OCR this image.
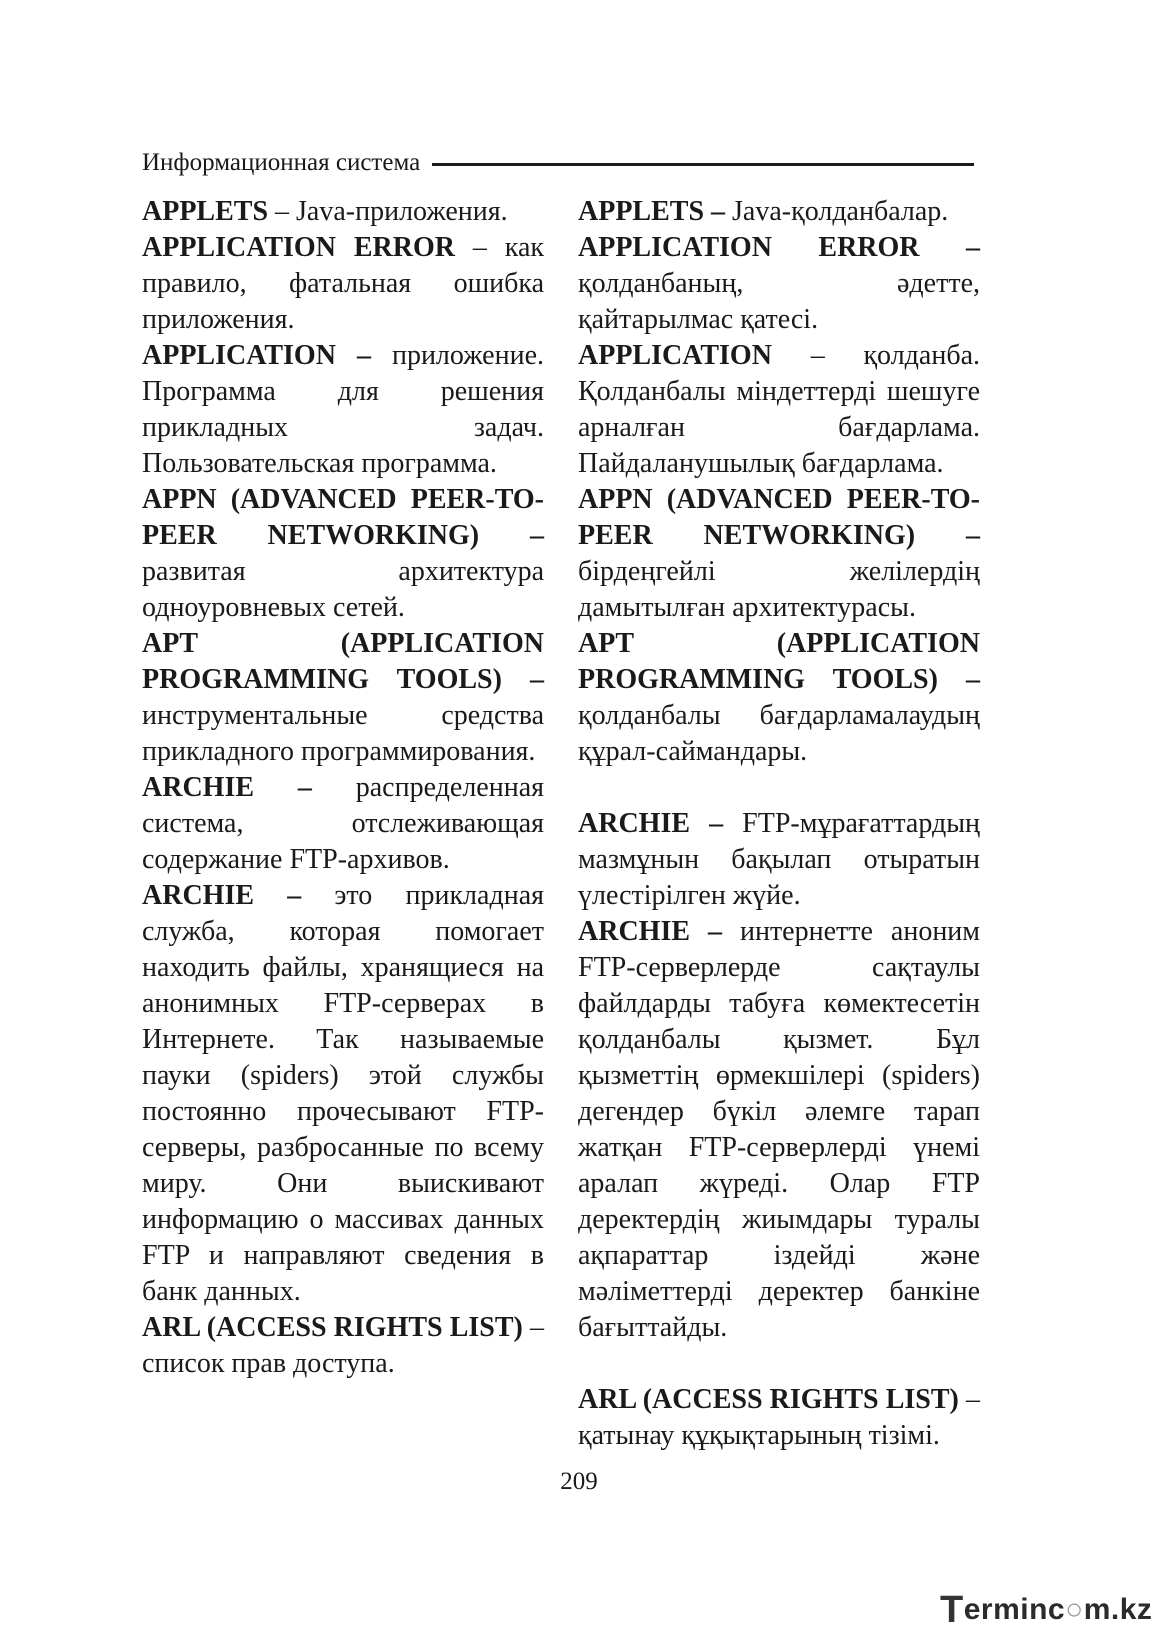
Информационная система

APPLETS – Java-приложения.

APPLICATION ERROR – как правило, фатальная ошибка приложения.

APPLICATION – приложение. Программа для решения прикладных задач. Пользовательская программа.

APPN (ADVANCED PEER-TO-PEER NETWORKING) – развитая архитектура одноуровневых сетей.

APT (APPLICATION PROGRAMMING TOOLS) – инструментальные средства прикладного программирования.

ARCHIE – распределенная система, отслеживающая содержание FTP-архивов.

ARCHIE – это прикладная служба, которая помогает находить файлы, хранящиеся на анонимных FTP-серверах в Интернете. Так называемые пауки (spiders) этой службы постоянно прочесывают FTP-серверы, разбросанные по всему миру. Они выискивают информацию о массивах данных FTP и направляют сведения в банк данных.

ARL (ACCESS RIGHTS LIST) – список прав доступа.

APPLETS – Java-қолданбалар.

APPLICATION ERROR – қолданбаның, әдетте, қайтарылмас қатесі.

APPLICATION – қолданба. Қолданбалы міндеттерді шешуге арналған бағдарлама. Пайдаланушылық бағдарлама.

APPN (ADVANCED PEER-TO-PEER NETWORKING) – бірдеңгейлі желілердің дамытылған архитектурасы.

APT (APPLICATION PROGRAMMING TOOLS) – қолданбалы бағдарламалаудың құрал-саймандары.

ARCHIE – FTP-мұрағаттардың мазмұнын бақылап отыратын үлестірілген жүйе.

ARCHIE – интернетте аноним FTP-серверлерде сақтаулы файлдарды табуға көмектесетін қолданбалы қызмет. Бұл қызметтің өрмекшілері (spiders) дегендер бүкіл әлемге тарап жатқан FTP-серверлерді үнемі аралап жүреді. Олар FTP деректердің жиымдары туралы ақпараттар іздейді және мәліметтерді деректер банкіне бағыттайды.

ARL (ACCESS RIGHTS LIST) – қатынау құқықтарының тізімі.

209
T erminc ○ m.kz
